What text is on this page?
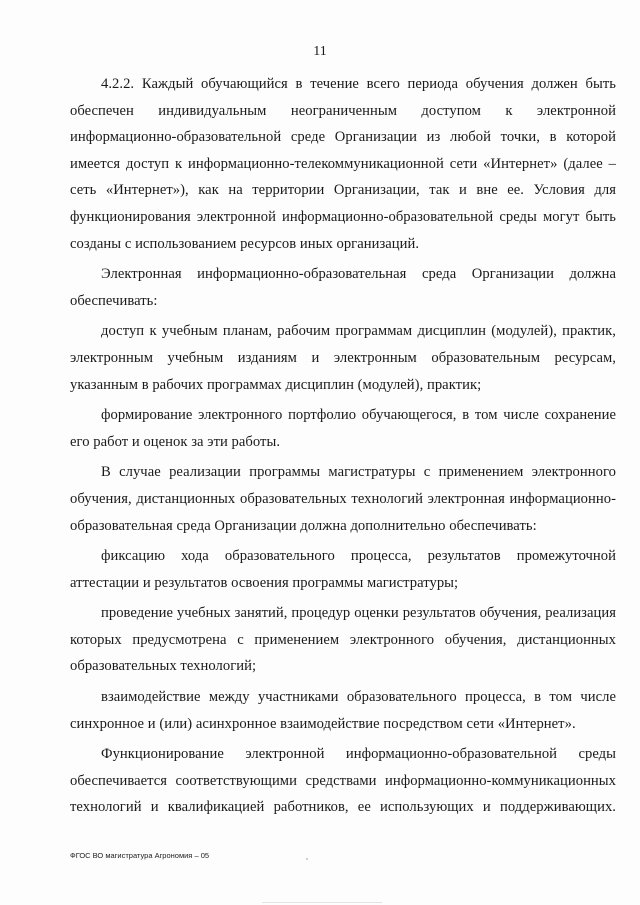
11

4.2.2. Каждый обучающийся в течение всего периода обучения должен быть обеспечен индивидуальным неограниченным доступом к электронной информационно-образовательной среде Организации из любой точки, в которой имеется доступ к информационно-телекоммуникационной сети «Интернет» (далее – сеть «Интернет»), как на территории Организации, так и вне ее. Условия для функционирования электронной информационно-образовательной среды могут быть созданы с использованием ресурсов иных организаций.

Электронная информационно-образовательная среда Организации должна обеспечивать:

доступ к учебным планам, рабочим программам дисциплин (модулей), практик, электронным учебным изданиям и электронным образовательным ресурсам, указанным в рабочих программах дисциплин (модулей), практик;

формирование электронного портфолио обучающегося, в том числе сохранение его работ и оценок за эти работы.

В случае реализации программы магистратуры с применением электронного обучения, дистанционных образовательных технологий электронная информационно-образовательная среда Организации должна дополнительно обеспечивать:

фиксацию хода образовательного процесса, результатов промежуточной аттестации и результатов освоения программы магистратуры;

проведение учебных занятий, процедур оценки результатов обучения, реализация которых предусмотрена с применением электронного обучения, дистанционных образовательных технологий;

взаимодействие между участниками образовательного процесса, в том числе синхронное и (или) асинхронное взаимодействие посредством сети «Интернет».

Функционирование электронной информационно-образовательной среды обеспечивается соответствующими средствами информационно-коммуникационных технологий и квалификацией работников, ее использующих и поддерживающих.

ФГОС ВО магистратура Агрономия – 05
